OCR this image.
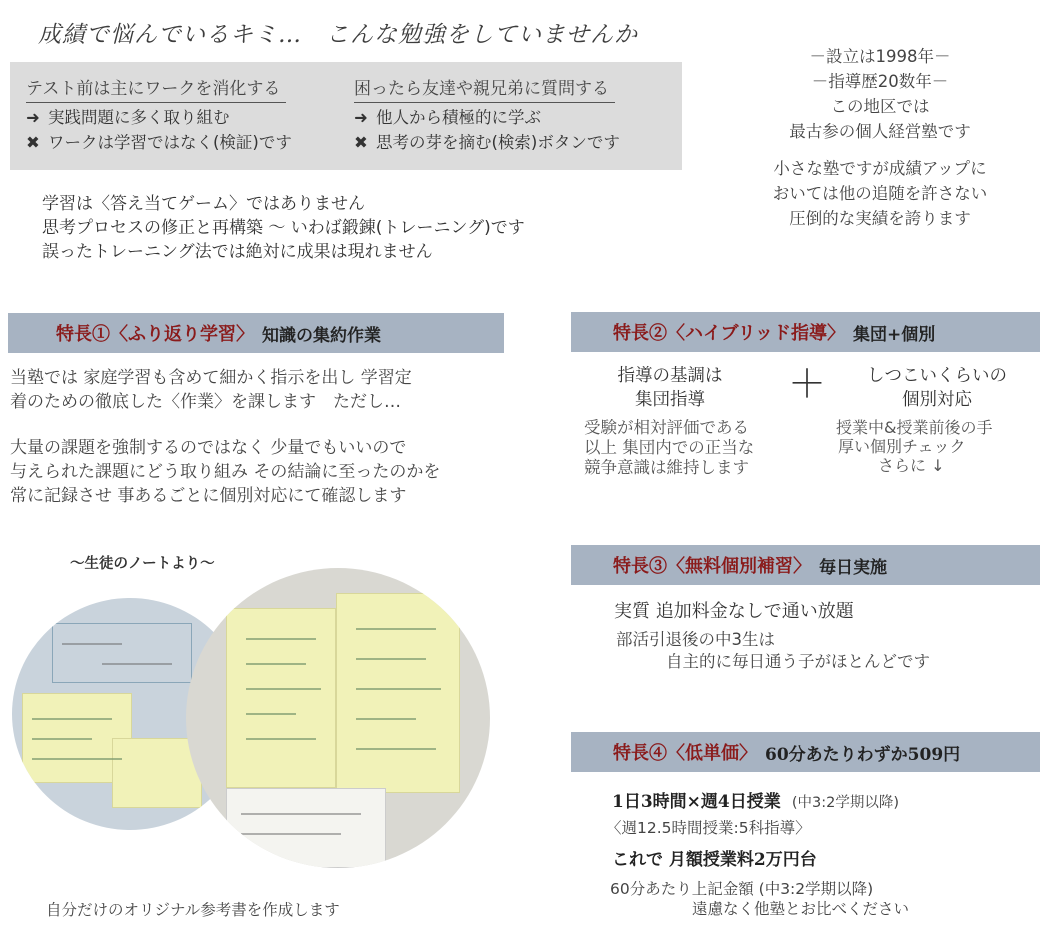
成績で悩んでいるキミ…　こんな勉強をしていませんか
テスト前は主にワークを消化する

➜ 実践問題に多く取り組む
✖ ワークは学習ではなく(検証)です
困ったら友達や親兄弟に質問する

➜ 他人から積極的に学ぶ
✖ 思考の芽を摘む(検索)ボタンです
学習は〈答え当てゲーム〉ではありません
思考プロセスの修正と再構築 ～ いわば鍛錬(トレーニング)です
誤ったトレーニング法では絶対に成果は現れません
－設立は1998年－
－指導歴20数年－
この地区では
最古参の個人経営塾です
小さな塾ですが成績アップに
おいては他の追随を許さない
圧倒的な実績を誇ります
特長①〈ふり返り学習〉 知識の集約作業
当塾では 家庭学習も含めて細かく指示を出し 学習定
着のための徹底した〈作業〉を課します　ただし…
大量の課題を強制するのではなく 少量でもいいので
与えられた課題にどう取り組み その結論に至ったのかを
常に記録させ 事あるごとに個別対応にて確認します
～生徒のノートより～
自分だけのオリジナル参考書を作成します
特長②〈ハイブリッド指導〉 集団+個別
指導の基調は
集団指導	＋ しつこいくらいの
個別対応
受験が相対評価である
以上 集団内での正当な
競争意識は維持します
授業中&授業前後の手
厚い個別チェック
さらに ↓
特長③〈無料個別補習〉 毎日実施
実質 追加料金なしで通い放題
部活引退後の中3生は
自主的に毎日通う子がほとんどです
特長④〈低単価〉 60分あたりわずか509円
1日3時間×週4日授業 (中3:2学期以降)
〈週12.5時間授業:5科指導〉
これで 月額授業料2万円台
60分あたり上記金額 (中3:2学期以降)
遠慮なく他塾とお比べください
